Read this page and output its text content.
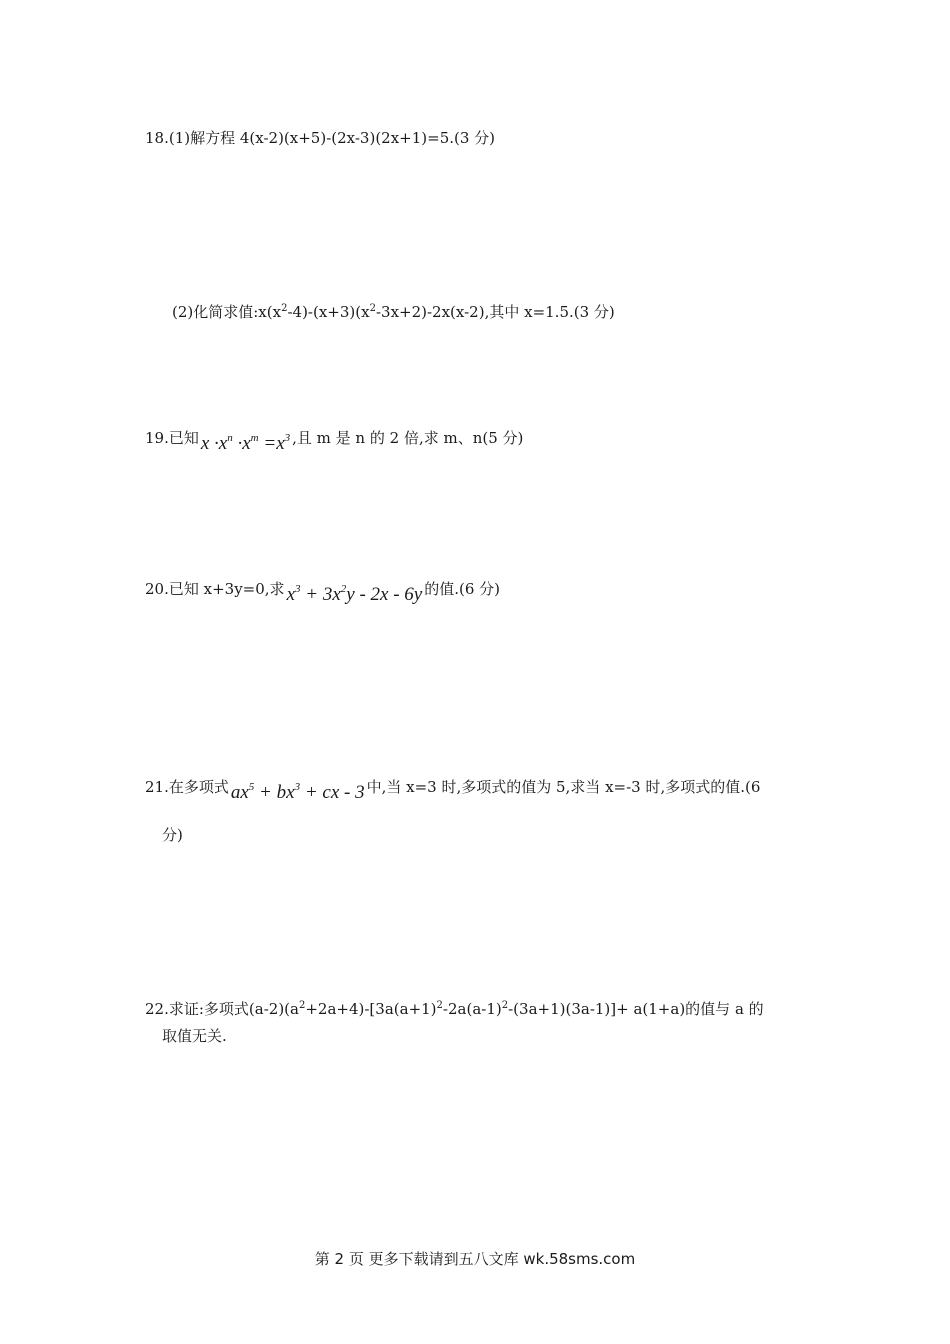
18.(1)解方程 4(x-2)(x+5)-(2x-3)(2x+1)=5.(3 分)
(2)化简求值$:x(x^2-4)-(x+3)(x^2-3x+2)-2x(x-2)$,其中 x=1.5.(3 分)
19.已知 $x \cdot x^n \cdot x^m =x^3$ ,且 m 是 n 的 2 倍,求 m、n(5 分)
20.已知 x+3y=0,求 $x^3 + 3x^2y - 2x - 6y$ 的值.(6 分)
21.在多项式 $ax^5 + bx^3$ + cx - 3 中,当 x=3 时,多项式的值为 5,求当 x=-3 时,多项式的值.(6
分)
22.求证:多项式$(a-2)(a^2+2a+4)-[3a(a+1)^2-2a(a-1)^2-(3a+1)(3a-1)]+ a(1+a)$的值与 a 的
取值无关.
第 2 页 更多下载请到五八文库 wk.58sms.com
